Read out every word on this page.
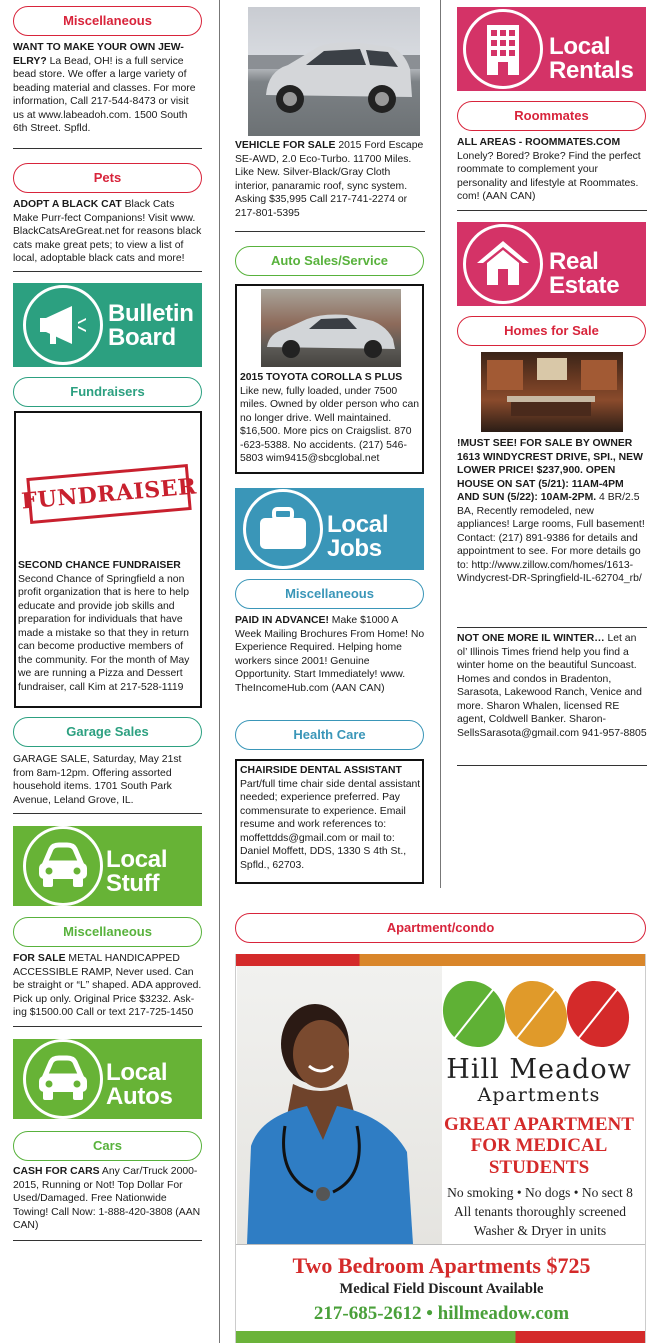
Miscellaneous
WANT TO MAKE YOUR OWN JEW-ELRY? La Bead, OH! is a full service bead store. We offer a large variety of beading material and classes. For more information, Call 217-544-8473 or visit us at www.labeadoh.com. 1500 South 6th Street. Spfld.
Pets
ADOPT A BLACK CAT Black Cats Make Purr-fect Companions! Visit www. BlackCatsAreGreat.net for reasons black cats make great pets; to view a list of local, adoptable black cats and more!
Bulletin
Board
Fundraisers
FUNDRAISER
SECOND CHANCE FUNDRAISER
Second Chance of Springfield a non profit organization that is here to help educate and provide job skills and preparation for individuals that have made a mistake so that they in return can become productive members of the community. For the month of May we are running a Pizza and Dessert fundraiser, call Kim at 217-528-1119
Garage Sales
GARAGE SALE, Saturday, May 21st from 8am-12pm. Offering assorted household items. 1701 South Park Avenue, Leland Grove, IL.
Local
Stuff
Miscellaneous
FOR SALE METAL HANDICAPPED ACCESSIBLE RAMP, Never used. Can be straight or “L” shaped. ADA approved. Pick up only. Original Price $3232. Ask-ing $1500.00 Call or text 217-725-1450
Local
Autos
Cars
CASH FOR CARS Any Car/Truck 2000-2015, Running or Not! Top Dollar For Used/Damaged. Free Nationwide Towing! Call Now: 1-888-420-3808 (AAN CAN)
VEHICLE FOR SALE 2015 Ford Escape SE-AWD, 2.0 Eco-Turbo. 11700 Miles. Like New. Silver-Black/Gray Cloth interior, panaramic roof, sync system. Asking $35,995 Call 217-741-2274 or 217-801-5395
Auto Sales/Service
2015 TOYOTA COROLLA S PLUS Like new, fully loaded, under 7500 miles. Owned by older person who can no longer drive. Well maintained. $16,500. More pics on Craigslist. 870 -623-5388. No accidents. (217) 546-5803 wim9415@sbcglobal.net
Local
Jobs
Miscellaneous
PAID IN ADVANCE! Make $1000 A Week Mailing Brochures From Home! No Experience Required. Helping home workers since 2001! Genuine Opportunity. Start Immediately! www. TheIncomeHub.com (AAN CAN)
Health Care
CHAIRSIDE DENTAL ASSISTANT
Part/full time chair side dental assistant needed; experience preferred. Pay commensurate to experience. Email resume and work references to: moffettdds@gmail.com or mail to: Daniel Moffett, DDS, 1330 S 4th St., Spfld., 62703.
Local
Rentals
Roommates
ALL AREAS - ROOMMATES.COM
Lonely? Bored? Broke? Find the perfect roommate to complement your personality and lifestyle at Roommates. com! (AAN CAN)
Real
Estate
Homes for Sale
!MUST SEE! FOR SALE BY OWNER 1613 WINDYCREST DRIVE, SPI., NEW LOWER PRICE! $237,900. OPEN HOUSE ON SAT (5/21): 11AM-4PM AND SUN (5/22): 10AM-2PM. 4 BR/2.5 BA, Recently remodeled, new appliances! Large rooms, Full basement! Contact: (217) 891-9386 for details and appointment to see. For more details go to: http://www.zillow.com/homes/1613-Windycrest-DR-Springfield-IL-62704_rb/
NOT ONE MORE IL WINTER… Let an ol’ Illinois Times friend help you find a winter home on the beautiful Suncoast. Homes and condos in Bradenton, Sarasota, Lakewood Ranch, Venice and more. Sharon Whalen, licensed RE agent, Coldwell Banker. Sharon-SellsSarasota@gmail.com 941-957-8805
Apartment/condo
Hill Meadow
Apartments
GREAT APARTMENT
FOR MEDICAL
STUDENTS
No smoking • No dogs • No sect 8
All tenants thoroughly screened
Washer & Dryer in units
Two Bedroom Apartments $725
Medical Field Discount Available
217-685-2612 • hillmeadow.com
